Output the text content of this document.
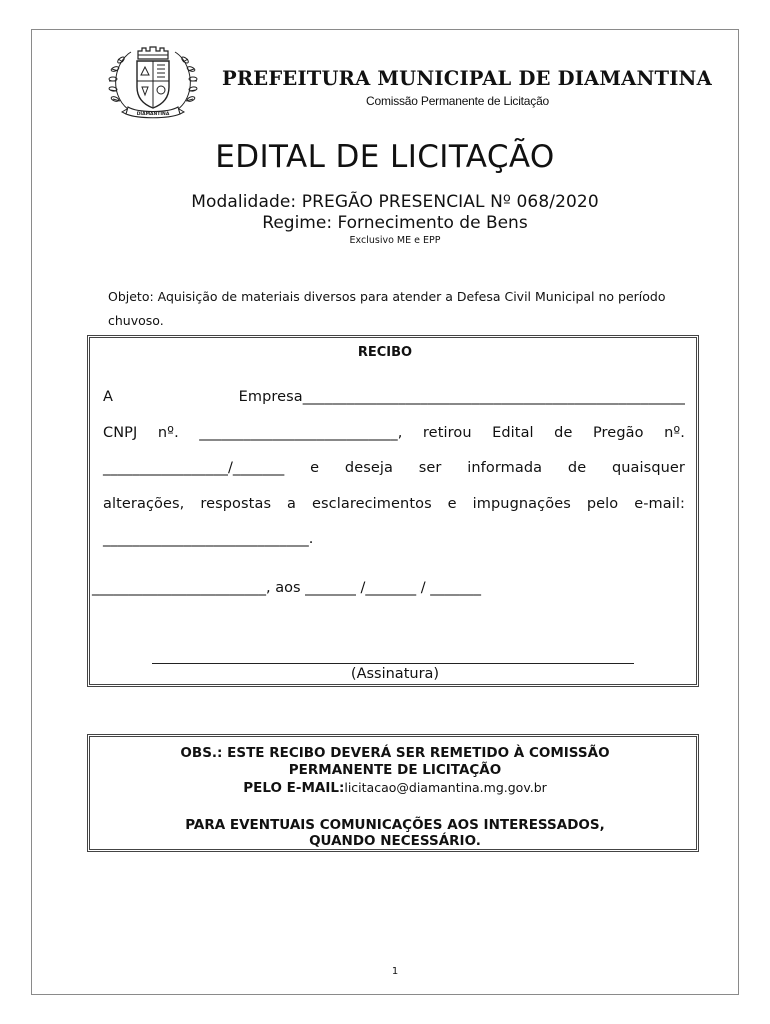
DIAMANTINA
PREFEITURA MUNICIPAL DE DIAMANTINA
Comissão Permanente de Licitação
EDITAL DE LICITAÇÃO
Modalidade: PREGÃO PRESENCIAL Nº 068/2020
Regime: Fornecimento de Bens
Exclusivo ME e EPP
Objeto: Aquisição de materiais diversos para atender a Defesa Civil Municipal no período chuvoso.
RECIBO
A Empresa____________________________________________________
CNPJ nº. ___________________________, retirou Edital de Pregão nº.
_________________/_______ e deseja ser informada de quaisquer
alterações, respostas a esclarecimentos e impugnações pelo e-mail:
____________________________.
________________________, aos _______ /_______ / _______
(Assinatura)
OBS.: ESTE RECIBO DEVERÁ SER REMETIDO À COMISSÃO
PERMANENTE DE LICITAÇÃO
PELO E-MAIL:licitacao@diamantina.mg.gov.br
PARA EVENTUAIS COMUNICAÇÕES AOS INTERESSADOS,
QUANDO NECESSÁRIO.
1
